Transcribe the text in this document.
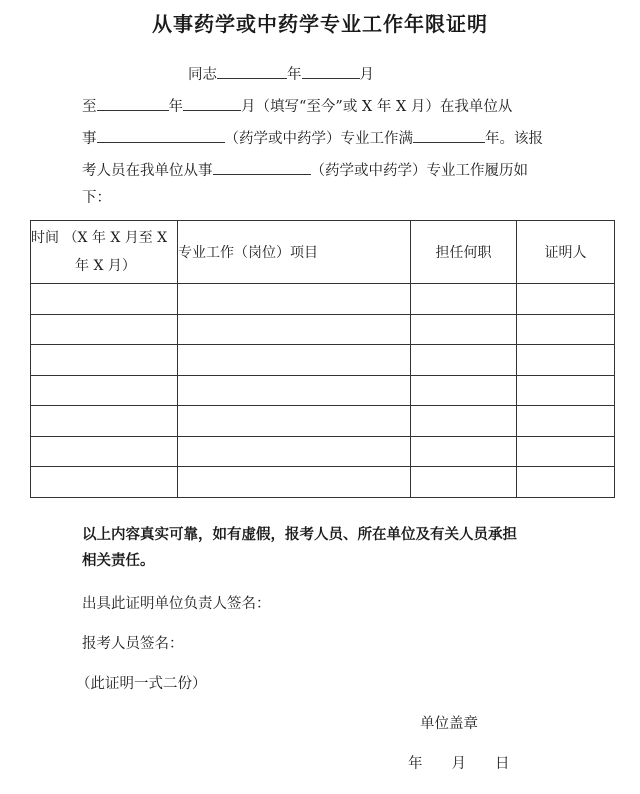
从事药学或中药学专业工作年限证明
同志	年	月
至	年	月（填写“至今”或 X 年 X 月）在我单位从
事	（药学或中药学）专业工作满	年。该报
考人员在我单位从事	（药学或中药学）专业工作履历如
下：
时间 （X 年 X 月至 X
年 X 月）	专业工作（岗位）项目	担任何职	证明人

以上内容真实可靠，如有虚假，报考人员、所在单位及有关人员承担
相关责任。
出具此证明单位负责人签名：
报考人员签名：
（此证明一式二份）
单位盖章
年　　月　　日
